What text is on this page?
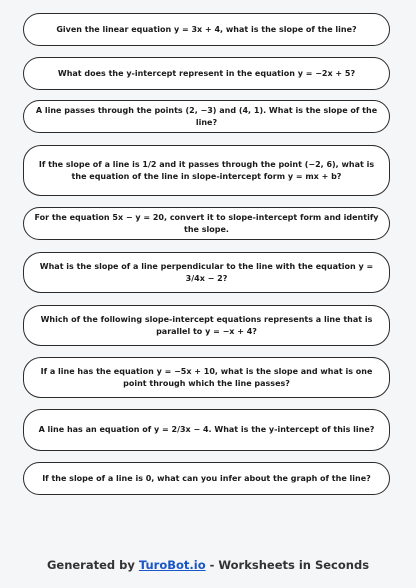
Given the linear equation y = 3x + 4, what is the slope of the line?
What does the y-intercept represent in the equation y = −2x + 5?
A line passes through the points (2, −3) and (4, 1). What is the slope of the line?
If the slope of a line is 1/2 and it passes through the point (−2, 6), what is the equation of the line in slope-intercept form y = mx + b?
For the equation 5x − y = 20, convert it to slope-intercept form and identify the slope.
What is the slope of a line perpendicular to the line with the equation y = 3/4x − 2?
Which of the following slope-intercept equations represents a line that is parallel to y = −x + 4?
If a line has the equation y = −5x + 10, what is the slope and what is one point through which the line passes?
A line has an equation of y = 2/3x − 4. What is the y-intercept of this line?
If the slope of a line is 0, what can you infer about the graph of the line?
Generated by TuroBot.io - Worksheets in Seconds
